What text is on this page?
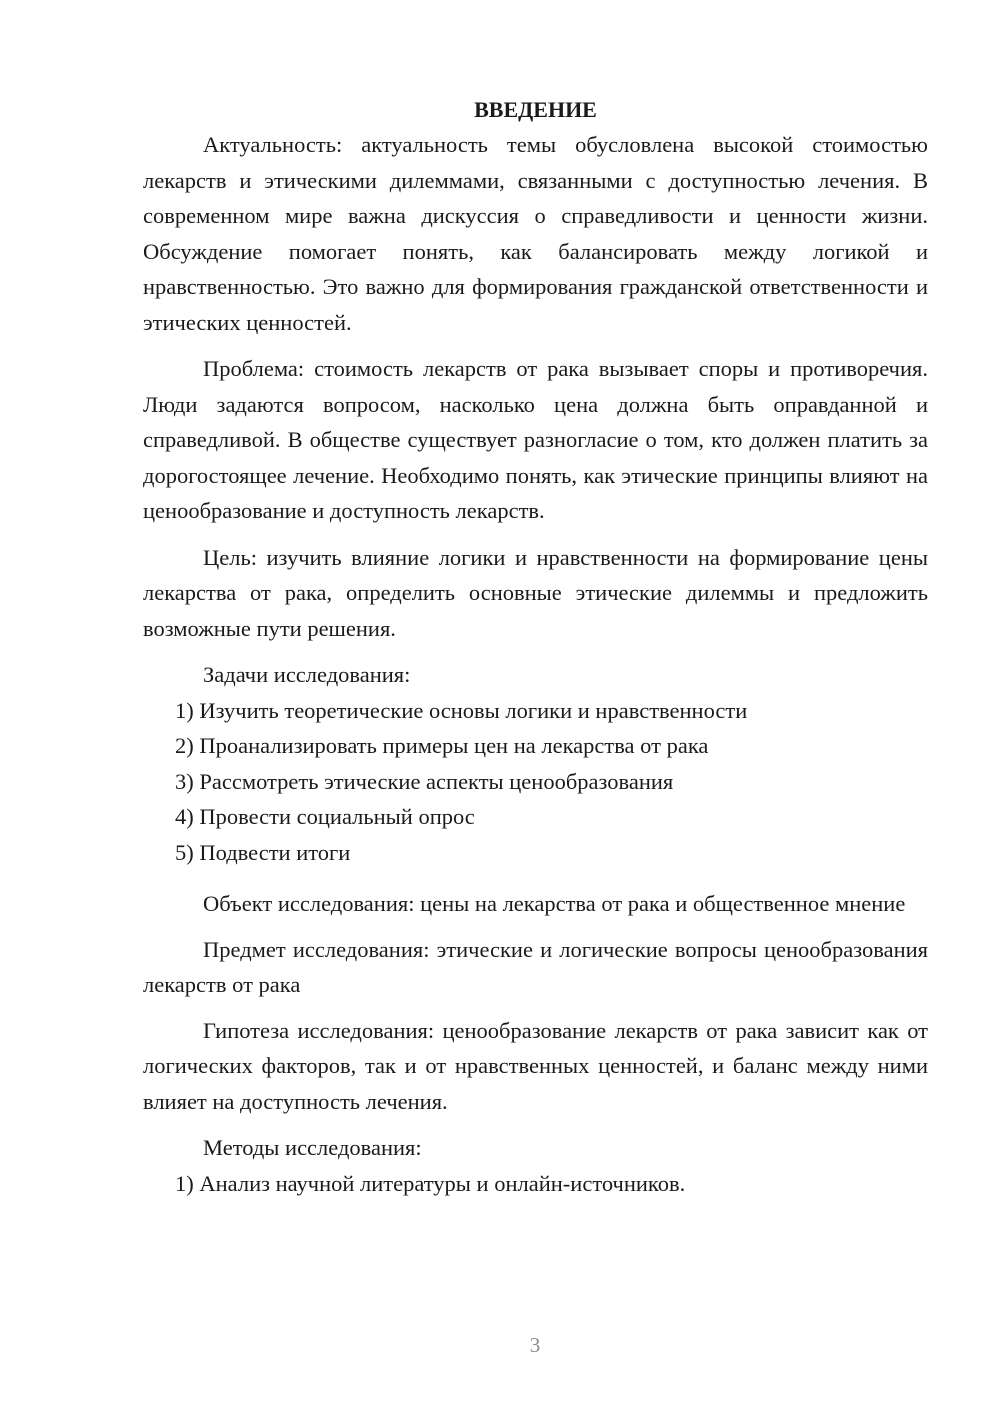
ВВЕДЕНИЕ

Актуальность: актуальность темы обусловлена высокой стоимостью лекарств и этическими дилеммами, связанными с доступностью лечения. В современном мире важна дискуссия о справедливости и ценности жизни. Обсуждение помогает понять, как балансировать между логикой и нравственностью. Это важно для формирования гражданской ответственности и этических ценностей.

Проблема: стоимость лекарств от рака вызывает споры и противоречия. Люди задаются вопросом, насколько цена должна быть оправданной и справедливой. В обществе существует разногласие о том, кто должен платить за дорогостоящее лечение. Необходимо понять, как этические принципы влияют на ценообразование и доступность лекарств.

Цель: изучить влияние логики и нравственности на формирование цены лекарства от рака, определить основные этические дилеммы и предложить возможные пути решения.

Задачи исследования:

1) Изучить теоретические основы логики и нравственности

2) Проанализировать примеры цен на лекарства от рака

3) Рассмотреть этические аспекты ценообразования

4) Провести социальный опрос

5) Подвести итоги

Объект исследования: цены на лекарства от рака и общественное мнение

Предмет исследования: этические и логические вопросы ценообразования лекарств от рака

Гипотеза исследования: ценообразование лекарств от рака зависит как от логических факторов, так и от нравственных ценностей, и баланс между ними влияет на доступность лечения.

Методы исследования:

1) Анализ научной литературы и онлайн-источников.

3
